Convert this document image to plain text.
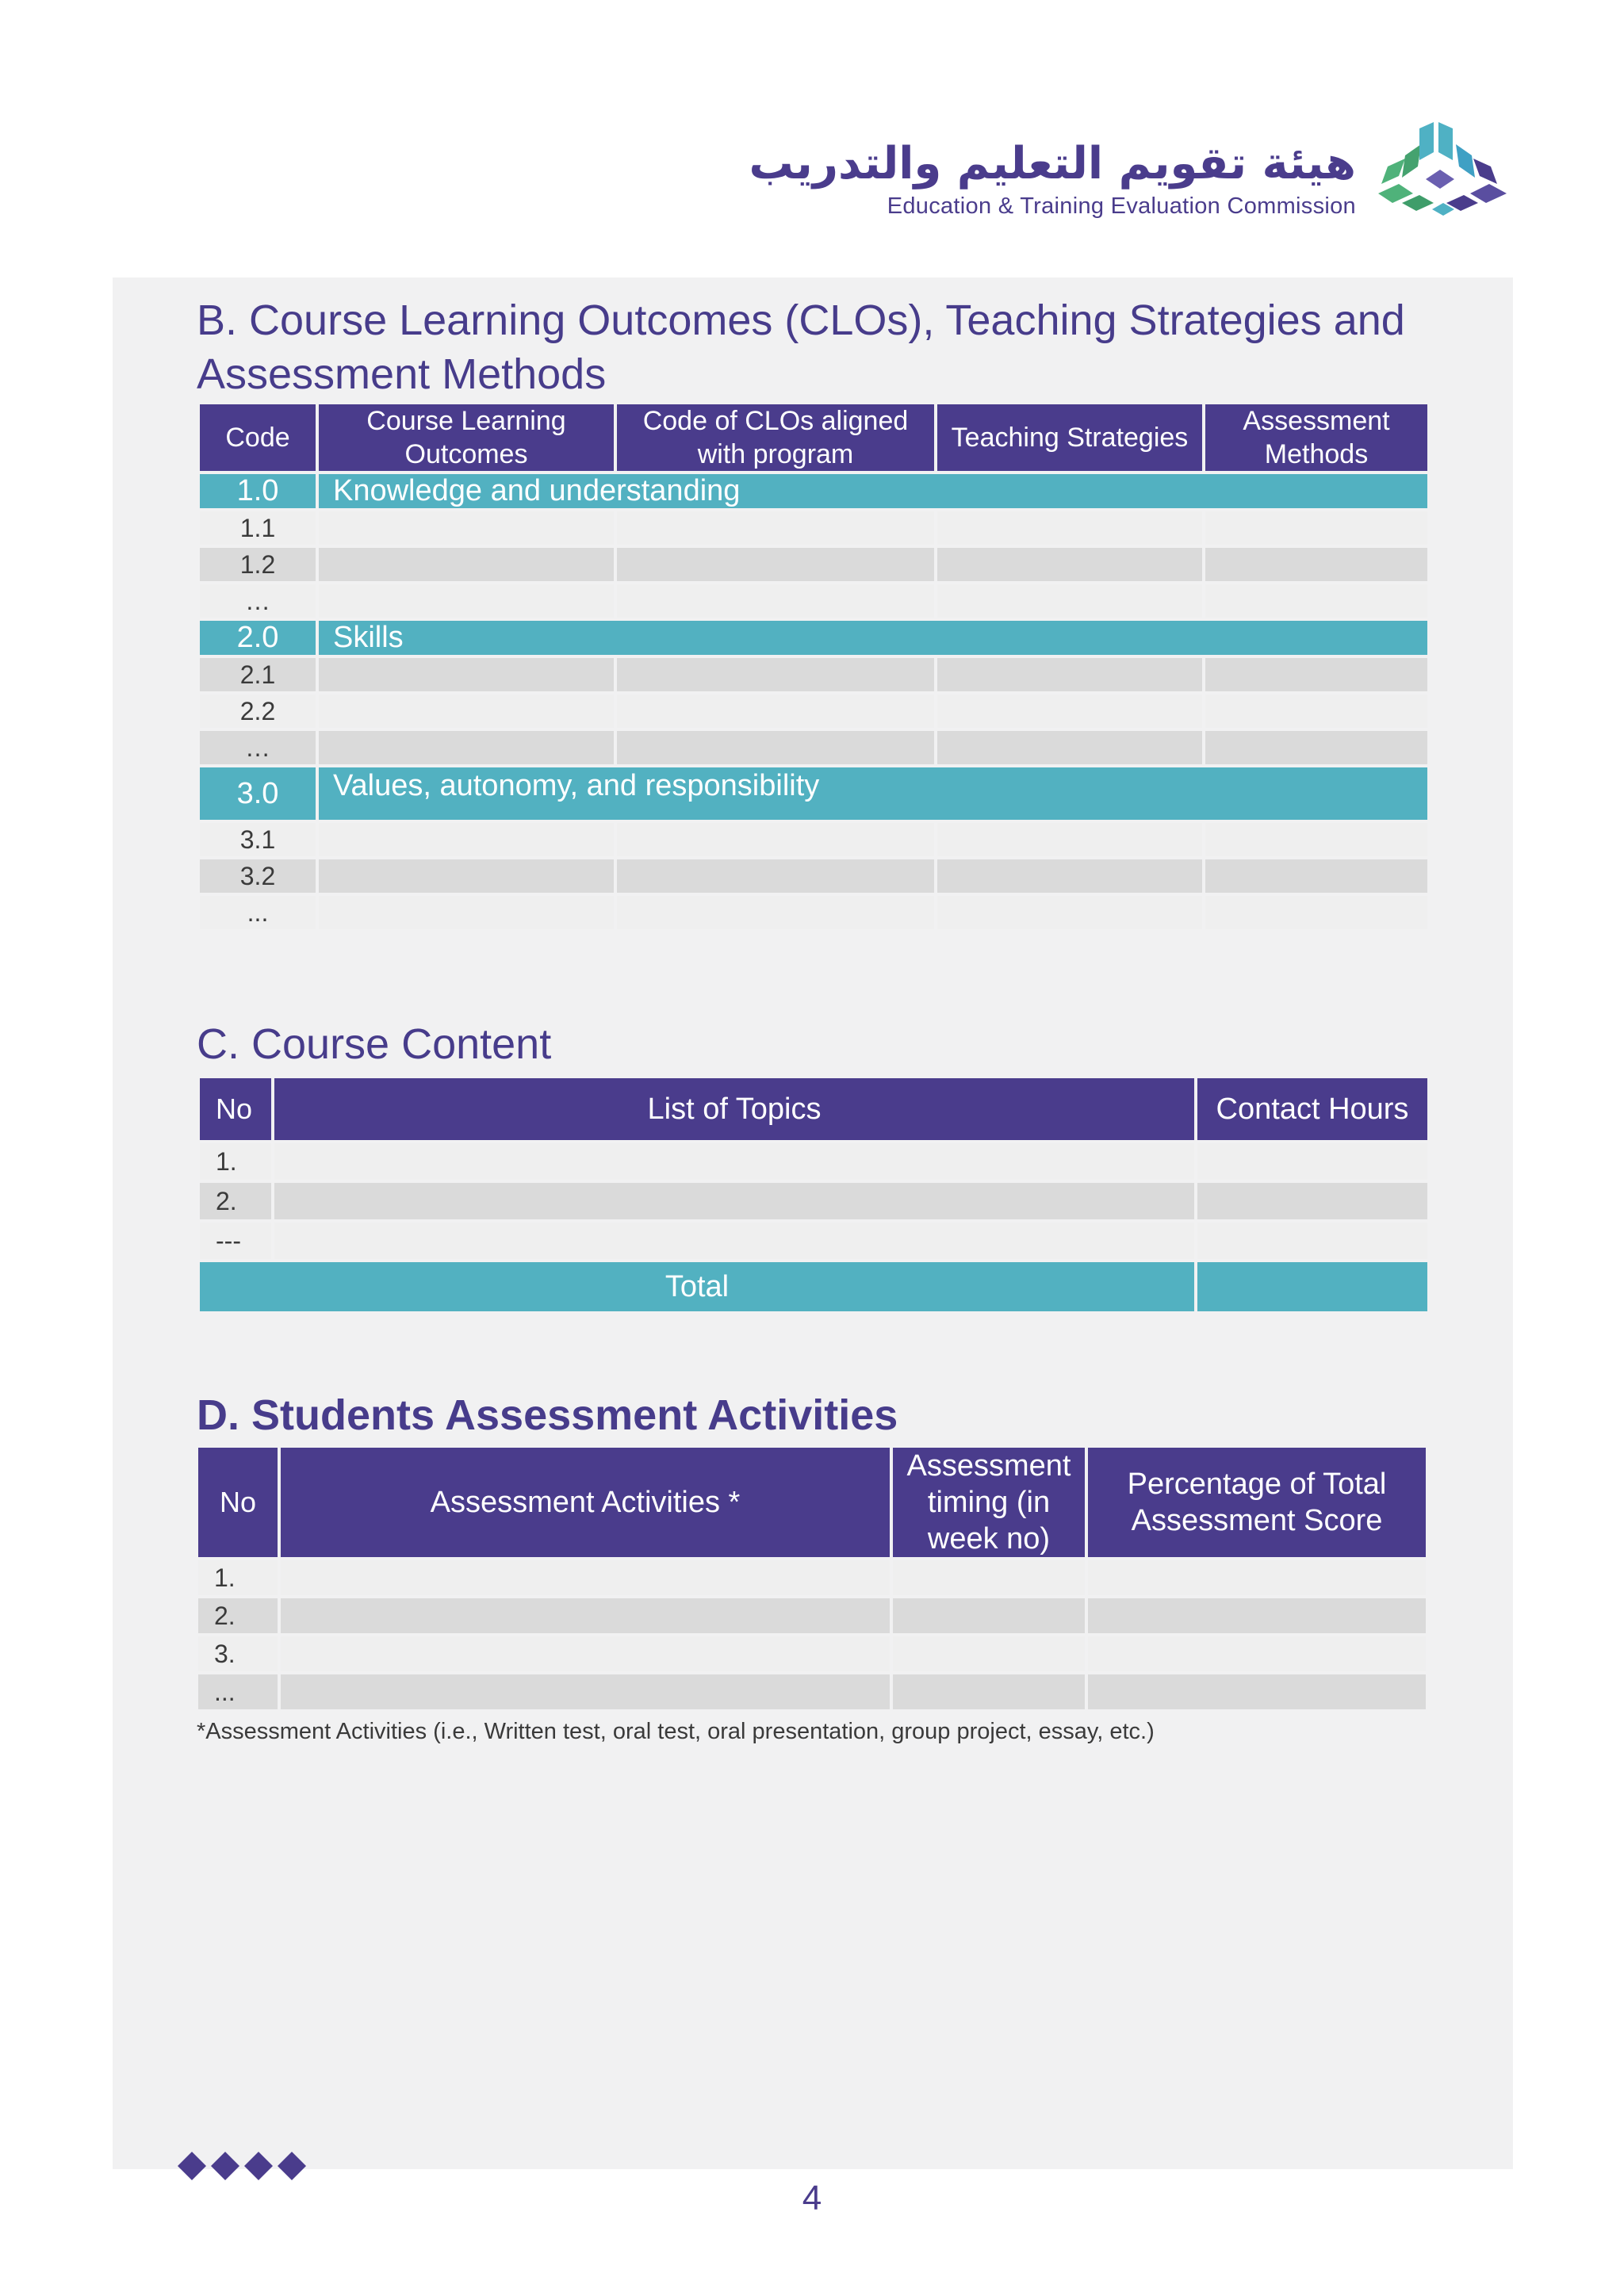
هيئة تقويم التعليم والتدريب
Education & Training Evaluation Commission
B. Course Learning Outcomes (CLOs), Teaching Strategies and Assessment Methods
Code	Course Learning Outcomes	Code of CLOs aligned with program	Teaching Strategies	Assessment Methods
1.0	Knowledge and understanding			
1.1				
1.2				
…				
2.0	Skills			
2.1				
2.2				
…				
3.0	Values, autonomy, and responsibility			
3.1				
3.2				
...				
C. Course Content
No	List of Topics	Contact Hours
1.		
2.		
---		
Total		
D. Students Assessment Activities
No	Assessment Activities *	Assessment timing (in week no)	Percentage of Total Assessment Score
1.			
2.			
3.			
...			
*Assessment Activities (i.e., Written test, oral test, oral presentation, group project, essay, etc.)
4
